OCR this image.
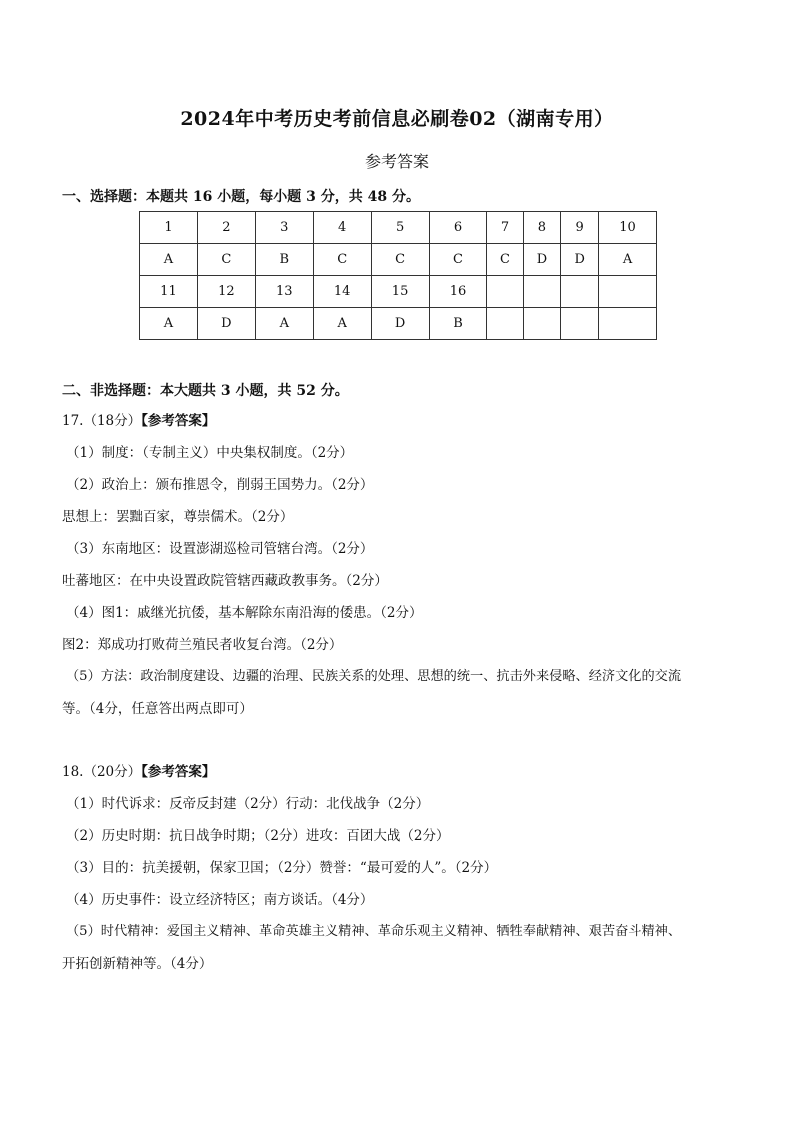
2024年中考历史考前信息必刷卷02（湖南专用）
参考答案
一、选择题：本题共 16 小题，每小题 3 分，共 48 分。
1	2	3	4	5	6	7	8	9	10
A	C	B	C	C	C	C	D	D	A
11	12	13	14	15	16				
A	D	A	A	D	B				
二、非选择题：本大题共 3 小题，共 52 分。
17.（18分）【参考答案】
（1）制度：（专制主义）中央集权制度。（2分）
（2）政治上：颁布推恩令，削弱王国势力。（2分）
思想上：罢黜百家，尊崇儒术。（2分）
（3）东南地区：设置澎湖巡检司管辖台湾。（2分）
吐蕃地区：在中央设置政院管辖西藏政教事务。（2分）
（4）图1：戚继光抗倭，基本解除东南沿海的倭患。（2分）
图2：郑成功打败荷兰殖民者收复台湾。（2分）
（5）方法：政治制度建设、边疆的治理、民族关系的处理、思想的统一、抗击外来侵略、经济文化的交流
等。（4分，任意答出两点即可）
18.（20分）【参考答案】
（1）时代诉求：反帝反封建（2分）行动：北伐战争（2分）
（2）历史时期：抗日战争时期；（2分）进攻：百团大战（2分）
（3）目的：抗美援朝，保家卫国；（2分）赞誉：“最可爱的人”。（2分）
（4）历史事件：设立经济特区；南方谈话。（4分）
（5）时代精神：爱国主义精神、革命英雄主义精神、革命乐观主义精神、牺牲奉献精神、艰苦奋斗精神、
开拓创新精神等。（4分）
